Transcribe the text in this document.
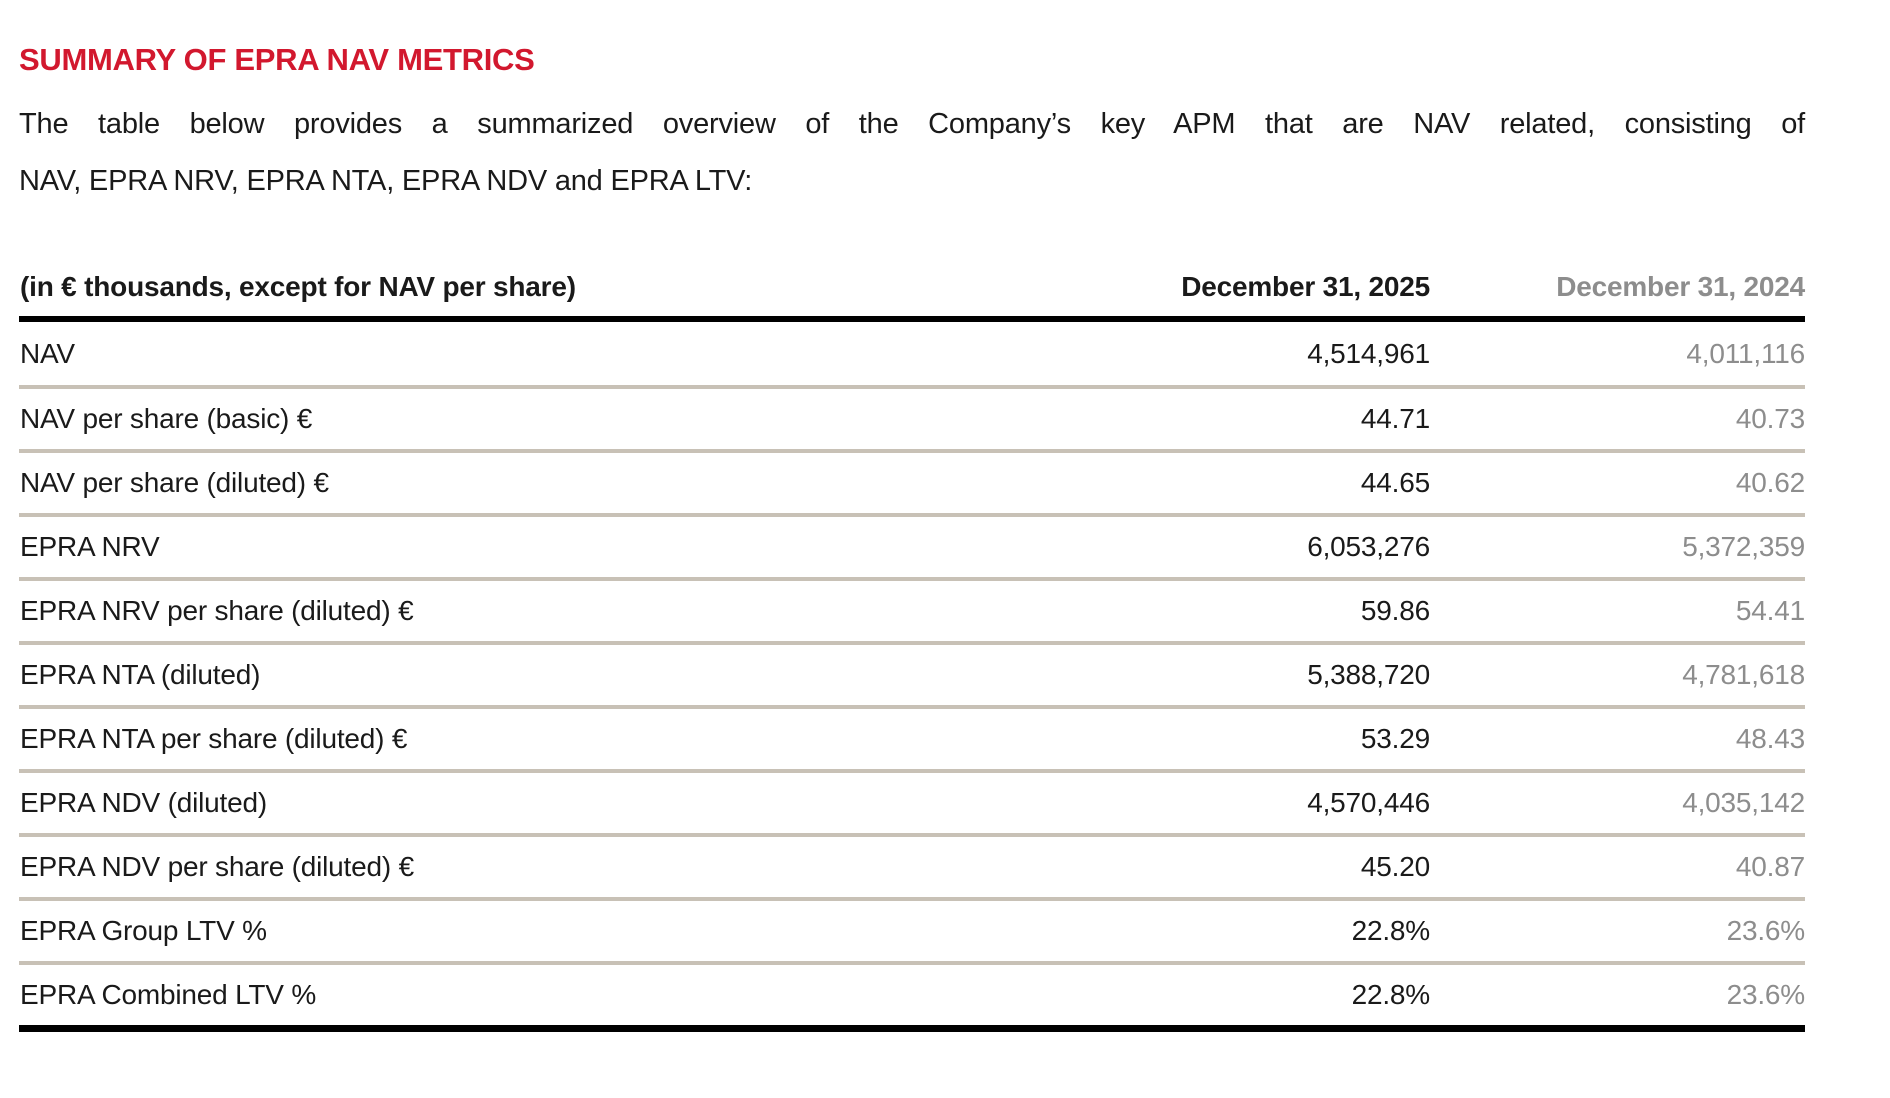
SUMMARY OF EPRA NAV METRICS

The table below provides a summarized overview of the Company’s key APM that are NAV related, consisting of
NAV, EPRA NRV, EPRA NTA, EPRA NDV and EPRA LTV:

(in € thousands, except for NAV per share)	December 31, 2025	December 31, 2024
NAV	4,514,961	4,011,116
NAV per share (basic) €	44.71	40.73
NAV per share (diluted) €	44.65	40.62
EPRA NRV	6,053,276	5,372,359
EPRA NRV per share (diluted) €	59.86	54.41
EPRA NTA (diluted)	5,388,720	4,781,618
EPRA NTA per share (diluted) €	53.29	48.43
EPRA NDV (diluted)	4,570,446	4,035,142
EPRA NDV per share (diluted) €	45.20	40.87
EPRA Group LTV %	22.8%	23.6%
EPRA Combined LTV %	22.8%	23.6%
